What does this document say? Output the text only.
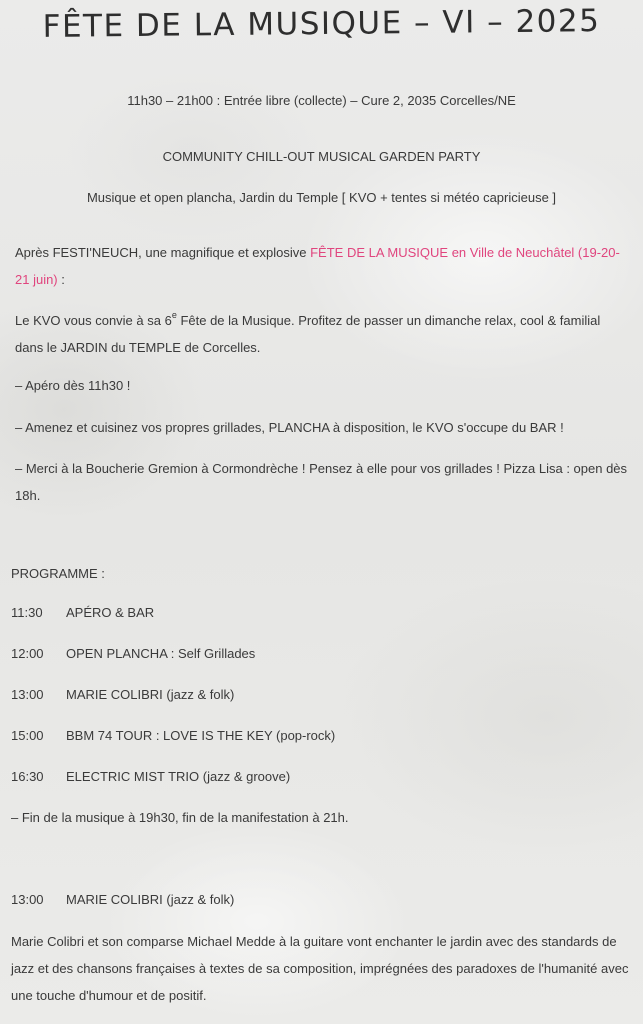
FÊTE DE LA MUSIQUE – VI – 2025
11h30 – 21h00 : Entrée libre (collecte) – Cure 2, 2035 Corcelles/NE
COMMUNITY CHILL-OUT MUSICAL GARDEN PARTY
Musique et open plancha, Jardin du Temple [ KVO + tentes si météo capricieuse ]
Après FESTI'NEUCH, une magnifique et explosive FÊTE DE LA MUSIQUE en Ville de Neuchâtel (19-20-21 juin) :
Le KVO vous convie à sa 6e Fête de la Musique. Profitez de passer un dimanche relax, cool & familial dans le JARDIN du TEMPLE de Corcelles.
– Apéro dès 11h30 !
– Amenez et cuisinez vos propres grillades, PLANCHA à disposition, le KVO s'occupe du BAR !
– Merci à la Boucherie Gremion à Cormondrèche ! Pensez à elle pour vos grillades ! Pizza Lisa : open dès 18h.
PROGRAMME :
11:30 APÉRO & BAR
12:00 OPEN PLANCHA : Self Grillades
13:00 MARIE COLIBRI (jazz & folk)
15:00 BBM 74 TOUR : LOVE IS THE KEY (pop-rock)
16:30 ELECTRIC MIST TRIO (jazz & groove)
– Fin de la musique à 19h30, fin de la manifestation à 21h.
13:00 MARIE COLIBRI (jazz & folk)
Marie Colibri et son comparse Michael Medde à la guitare vont enchanter le jardin avec des standards de jazz et des chansons françaises à textes de sa composition, imprégnées des paradoxes de l'humanité avec une touche d'humour et de positif.
